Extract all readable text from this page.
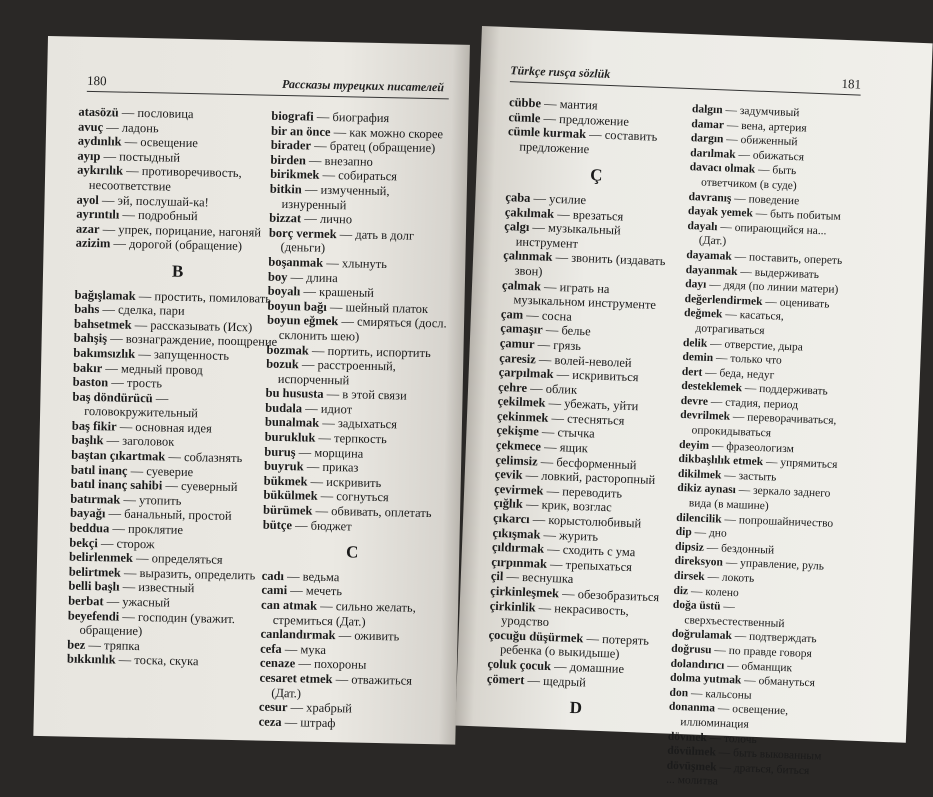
180	Рассказы турецких писателей
atasözü — пословица
avuç — ладонь
aydınlık — освещение
ayıp — постыдный
aykırılık — противоречивость, несоответствие
ayol — эй, послушай-ка!
ayrıntılı — подробный
azar — упрек, порицание, нагоняй
azizim — дорогой (обращение)
B
bağışlamak — простить, помиловать
bahs — сделка, пари
bahsetmek — рассказывать (Исх)
bahşiş — вознаграждение, поощрение
bakımsızlık — запущенность
bakır — медный провод
baston — трость
baş döndürücü — головокружительный
baş fikir — основная идея
başlık — заголовок
baştan çıkartmak — соблазнять
batıl inanç — суеверие
batıl inanç sahibi — суеверный
batırmak — утопить
bayağı — банальный, простой
beddua — проклятие
bekçi — сторож
belirlenmek — определяться
belirtmek — выразить, определить
belli başlı — известный
berbat — ужасный
beyefendi — господин (уважит. обращение)
bez — тряпка
bıkkınlık — тоска, скука
biografi — биография
bir an önce — как можно скорее
birader — братец (обращение)
birden — внезапно
birikmek — собираться
bitkin — измученный, изнуренный
bizzat — лично
borç vermek — дать в долг (деньги)
boşanmak — хлынуть
boy — длина
boyalı — крашеный
boyun bağı — шейный платок
boyun eğmek — смиряться (досл. склонить шею)
bozmak — портить, испортить
bozuk — расстроенный, испорченный
bu hususta — в этой связи
budala — идиот
bunalmak — задыхаться
burukluk — терпкость
buruş — морщина
buyruk — приказ
bükmek — искривить
bükülmek — согнуться
bürümek — обвивать, оплетать
bütçe — бюджет
C
cadı — ведьма
cami — мечеть
can atmak — сильно желать, стремиться (Дат.)
canlandırmak — оживить
cefa — мука
cenaze — похороны
cesaret etmek — отважиться (Дат.)
cesur — храбрый
ceza — штраф
Türkçe rusça sözlük
181
cübbe — мантия
cümle — предложение
cümle kurmak — составить предложение
Ç
çaba — усилие
çakılmak — врезаться
çalgı — музыкальный инструмент
çalınmak — звонить (издавать звон)
çalmak — играть на музыкальном инструменте
çam — сосна
çamaşır — белье
çamur — грязь
çaresiz — волей-неволей
çarpılmak — искривиться
çehre — облик
çekilmek — убежать, уйти
çekinmek — стесняться
çekişme — стычка
çekmece — ящик
çelimsiz — бесформенный
çevik — ловкий, расторопный
çevirmek — переводить
çığlık — крик, возглас
çıkarcı — корыстолюбивый
çıkışmak — журить
çıldırmak — сходить с ума
çırpınmak — трепыхаться
çil — веснушка
çirkinleşmek — обезобразиться
çirkinlik — некрасивость, уродство
çocuğu düşürmek — потерять ребенка (о выкидыше)
çoluk çocuk — домашние
çömert — щедрый
D
dalgın — задумчивый
damar — вена, артерия
dargın — обиженный
darılmak — обижаться
davacı olmak — быть ответчиком (в суде)
davranış — поведение
dayak yemek — быть побитым
dayalı — опирающийся на... (Дат.)
dayamak — поставить, опереть
dayanmak — выдерживать
dayı — дядя (по линии матери)
değerlendirmek — оценивать
değmek — касаться, дотрагиваться
delik — отверстие, дыра
demin — только что
dert — беда, недуг
desteklemek — поддерживать
devre — стадия, период
devrilmek — переворачиваться, опрокидываться
deyim — фразеологизм
dikbaşlılık etmek — упрямиться
dikilmek — застыть
dikiz aynası — зеркало заднего вида (в машине)
dilencilik — попрошайничество
dip — дно
dipsiz — бездонный
direksyon — управление, руль
dirsek — локоть
diz — колено
doğa üstü — сверхъестественный
doğrulamak — подтверждать
doğrusu — по правде говоря
dolandırıcı — обманщик
dolma yutmak — обмануться
don — кальсоны
donanma — освещение, иллюминация
dövmek — толочь
dövülmek — быть выкованным
dövüşmek — драться, биться
... молитва
